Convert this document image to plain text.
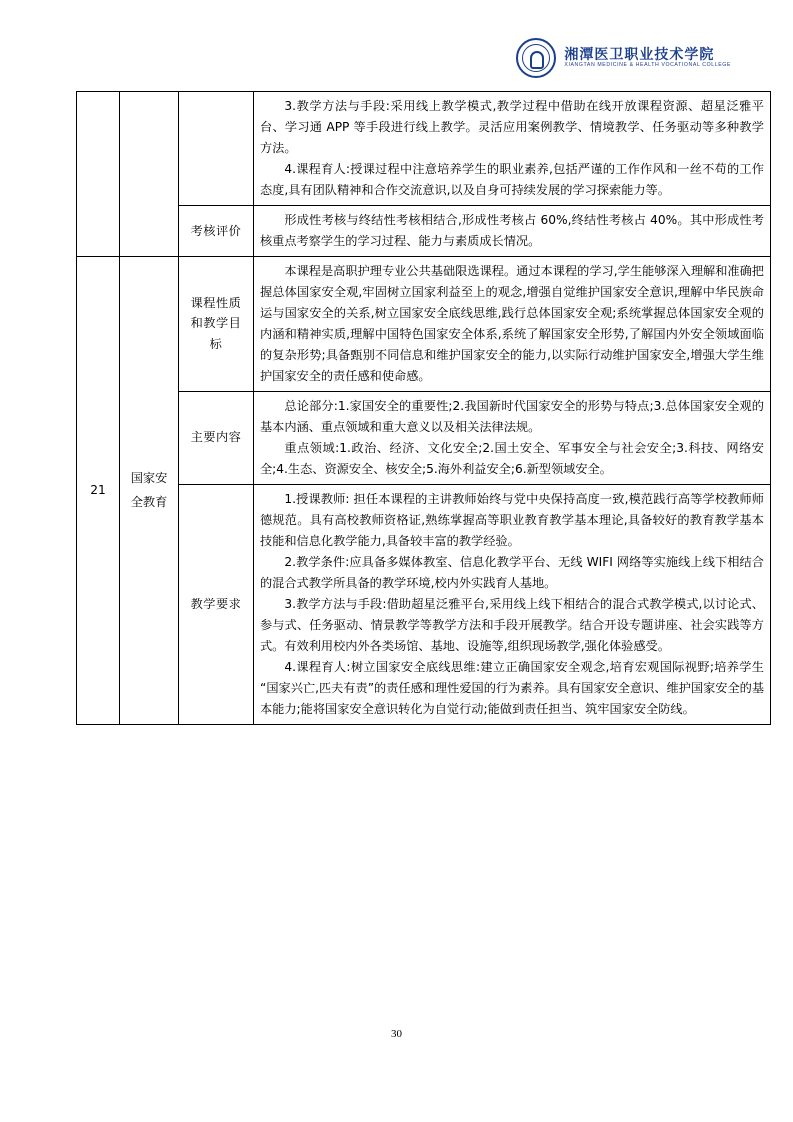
湘潭医卫职业技术学院
XIANGTAN MEDICINE & HEALTH VOCATIONAL COLLEGE

			3.教学方法与手段:采用线上教学模式,教学过程中借助在线开放课程资源、超星泛雅平台、学习通 APP 等手段进行线上教学。灵活应用案例教学、情境教学、任务驱动等多种教学方法。

4.课程育人:授课过程中注意培养学生的职业素养,包括严谨的工作作风和一丝不苟的工作态度,具有团队精神和合作交流意识,以及自身可持续发展的学习探索能力等。

		考核评价	形成性考核与终结性考核相结合,形成性考核占 60%,终结性考核占 40%。其中形成性考核重点考察学生的学习过程、能力与素质成长情况。

21	国家安全教育	课程性质和教学目标	本课程是高职护理专业公共基础限选课程。通过本课程的学习,学生能够深入理解和准确把握总体国家安全观,牢固树立国家利益至上的观念,增强自觉维护国家安全意识,理解中华民族命运与国家安全的关系,树立国家安全底线思维,践行总体国家安全观;系统掌握总体国家安全观的内涵和精神实质,理解中国特色国家安全体系,系统了解国家安全形势,了解国内外安全领域面临的复杂形势;具备甄别不同信息和维护国家安全的能力,以实际行动维护国家安全,增强大学生维护国家安全的责任感和使命感。

		主要内容	总论部分:1.家国安全的重要性;2.我国新时代国家安全的形势与特点;3.总体国家安全观的基本内涵、重点领域和重大意义以及相关法律法规。

重点领域:1.政治、经济、文化安全;2.国土安全、军事安全与社会安全;3.科技、网络安全;4.生态、资源安全、核安全;5.海外利益安全;6.新型领域安全。

		教学要求	1.授课教师: 担任本课程的主讲教师始终与党中央保持高度一致,模范践行高等学校教师师德规范。具有高校教师资格证,熟练掌握高等职业教育教学基本理论,具备较好的教育教学基本技能和信息化教学能力,具备较丰富的教学经验。

2.教学条件:应具备多媒体教室、信息化教学平台、无线 WIFI 网络等实施线上线下相结合的混合式教学所具备的教学环境,校内外实践育人基地。

3.教学方法与手段:借助超星泛雅平台,采用线上线下相结合的混合式教学模式,以讨论式、参与式、任务驱动、情景教学等教学方法和手段开展教学。结合开设专题讲座、社会实践等方式。有效利用校内外各类场馆、基地、设施等,组织现场教学,强化体验感受。

4.课程育人:树立国家安全底线思维:建立正确国家安全观念,培育宏观国际视野;培养学生“国家兴亡,匹夫有责”的责任感和理性爱国的行为素养。具有国家安全意识、维护国家安全的基本能力;能将国家安全意识转化为自觉行动;能做到责任担当、筑牢国家安全防线。

30
